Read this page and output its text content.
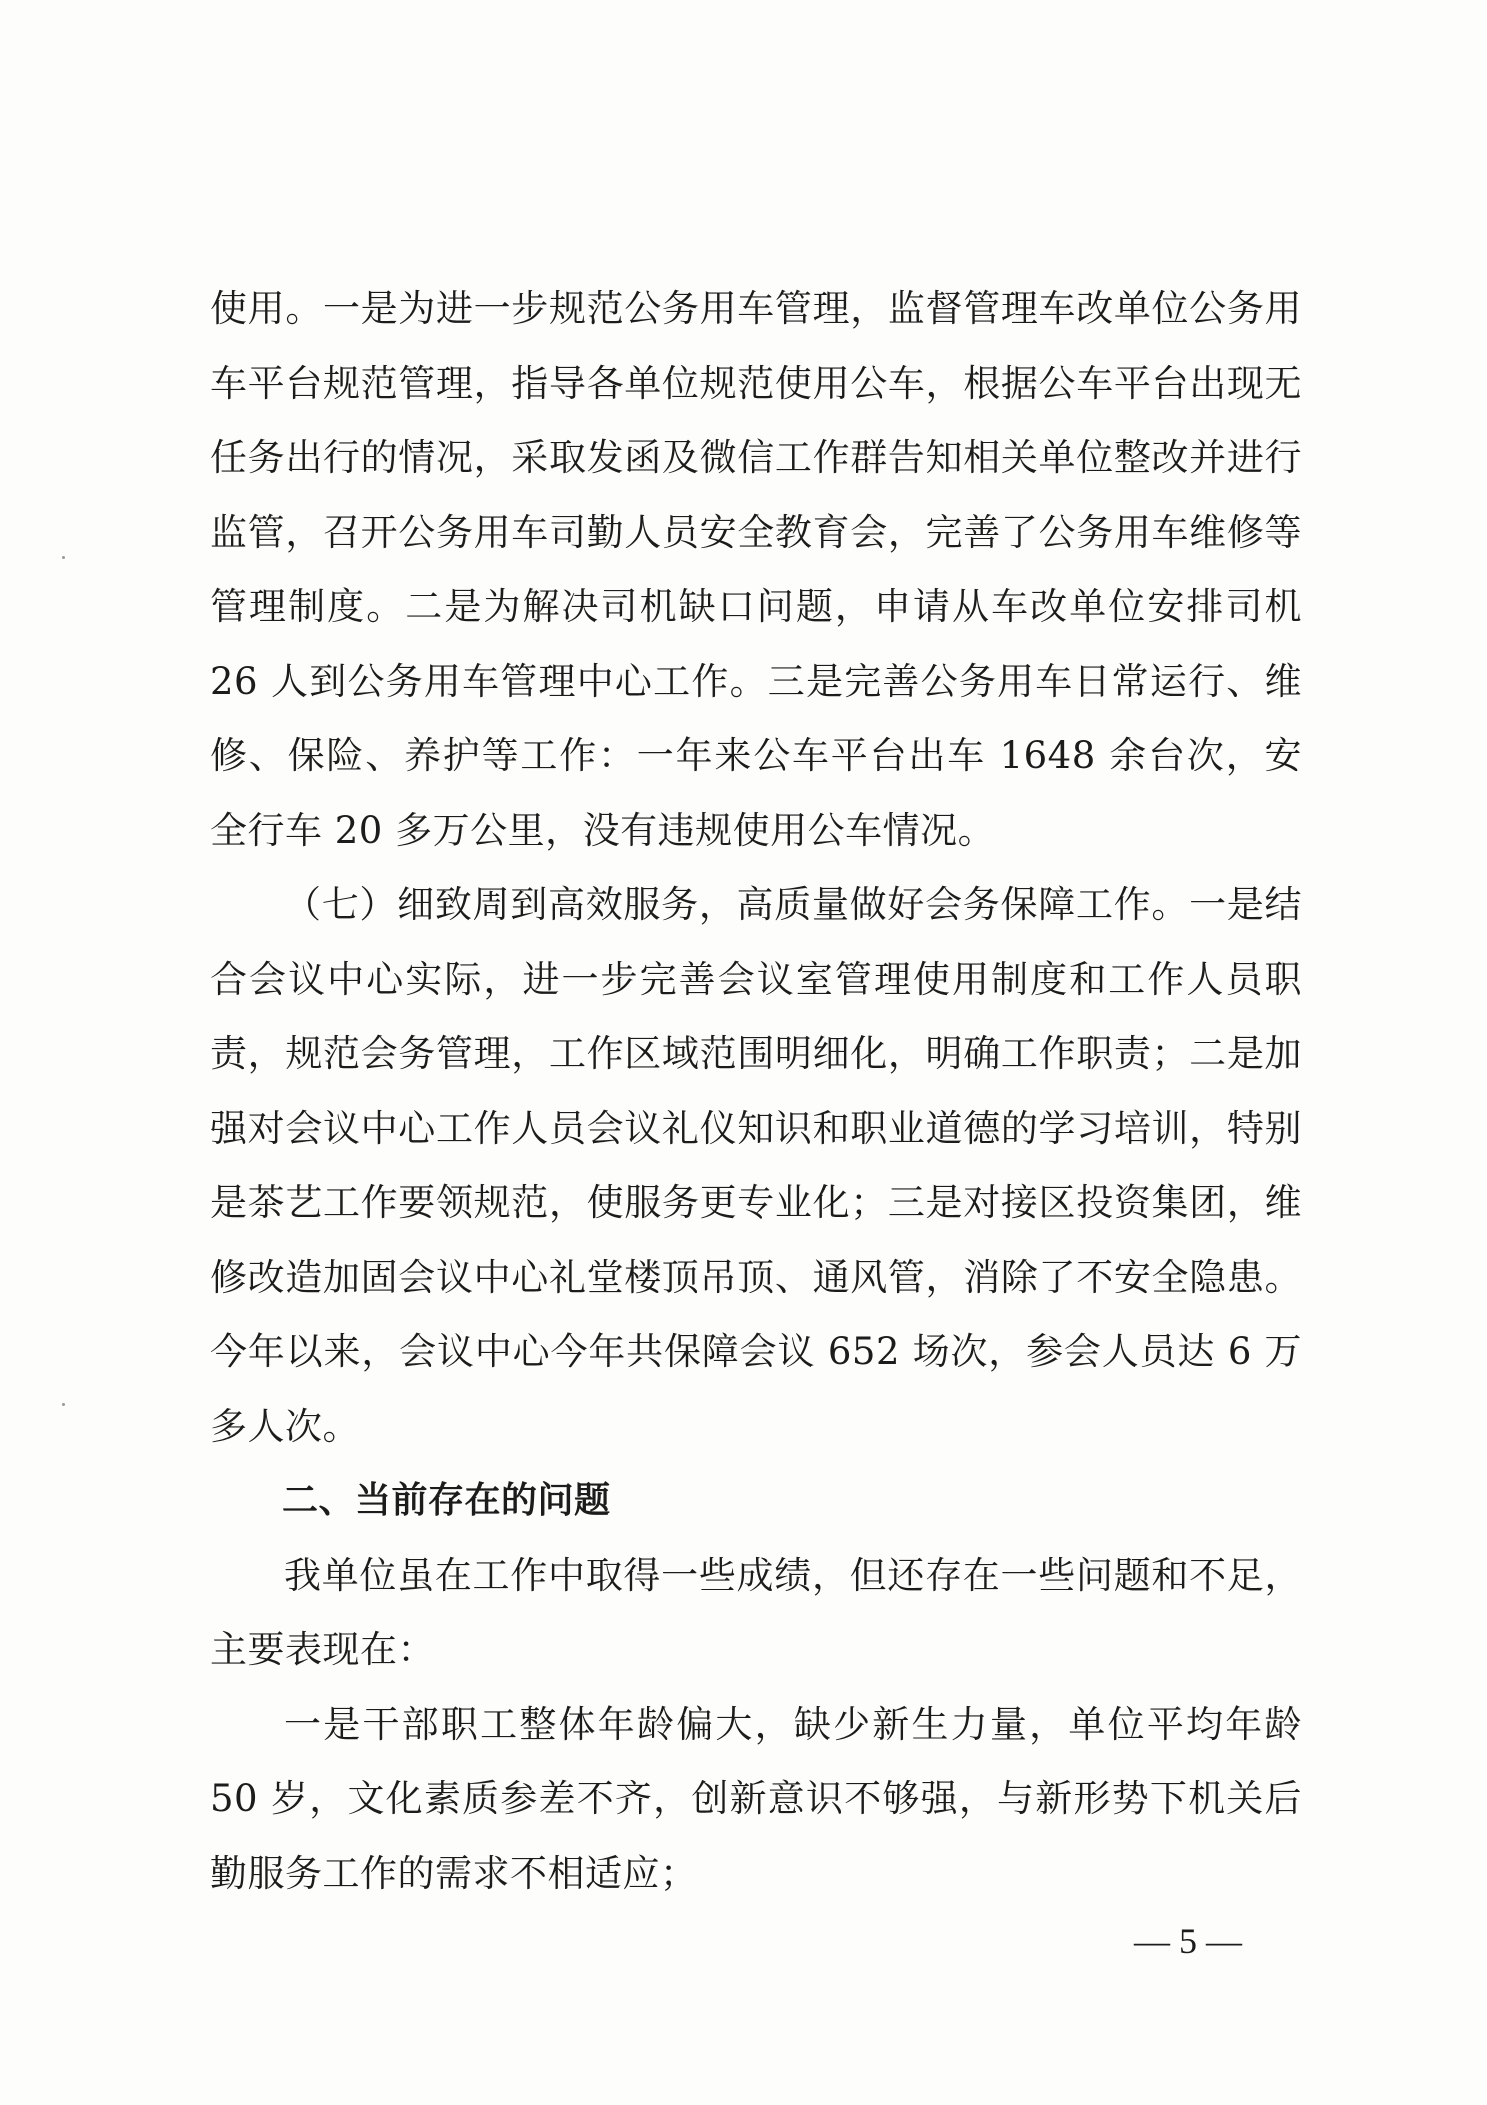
使用。一是为进一步规范公务用车管理，监督管理车改单位公务用车平台规范管理，指导各单位规范使用公车，根据公车平台出现无任务出行的情况，采取发函及微信工作群告知相关单位整改并进行监管，召开公务用车司勤人员安全教育会，完善了公务用车维修等管理制度。二是为解决司机缺口问题，申请从车改单位安排司机 26 人到公务用车管理中心工作。三是完善公务用车日常运行、维修、保险、养护等工作：一年来公车平台出车 1648 余台次，安全行车 20 多万公里，没有违规使用公车情况。

（七）细致周到高效服务，高质量做好会务保障工作。一是结合会议中心实际，进一步完善会议室管理使用制度和工作人员职责，规范会务管理，工作区域范围明细化，明确工作职责；二是加强对会议中心工作人员会议礼仪知识和职业道德的学习培训，特别是茶艺工作要领规范，使服务更专业化；三是对接区投资集团，维修改造加固会议中心礼堂楼顶吊顶、通风管，消除了不安全隐患。今年以来，会议中心今年共保障会议 652 场次，参会人员达 6 万多人次。

二、当前存在的问题

我单位虽在工作中取得一些成绩，但还存在一些问题和不足，主要表现在：

一是干部职工整体年龄偏大，缺少新生力量，单位平均年龄 50 岁，文化素质参差不齐，创新意识不够强，与新形势下机关后勤服务工作的需求不相适应；

— 5 —
